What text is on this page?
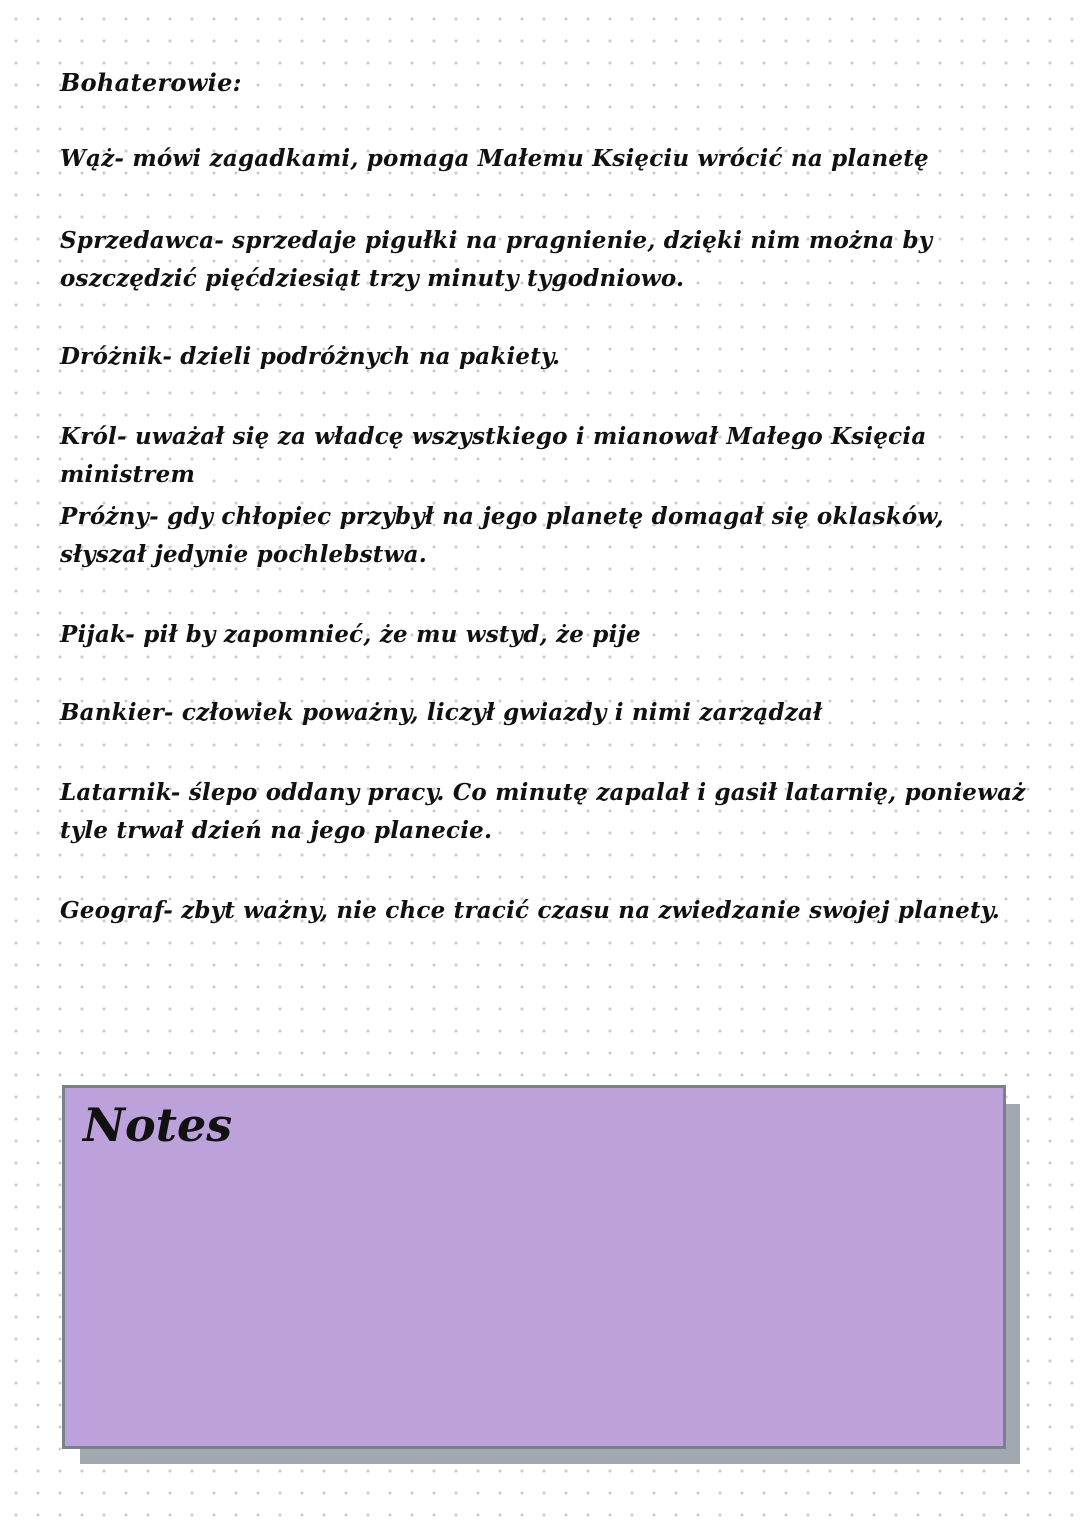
Bohaterowie:
Wąż- mówi zagadkami, pomaga Małemu Księciu wrócić na planetę
Sprzedawca- sprzedaje pigułki na pragnienie, dzięki nim można by oszczędzić pięćdziesiąt trzy minuty tygodniowo.
Dróżnik- dzieli podróżnych na pakiety.
Król- uważał się za władcę wszystkiego i mianował Małego Księcia ministrem
Próżny- gdy chłopiec przybył na jego planetę domagał się oklasków, słyszał jedynie pochlebstwa.
Pijak- pił by zapomnieć, że mu wstyd, że pije
Bankier- człowiek poważny, liczył gwiazdy i nimi zarządzał
Latarnik- ślepo oddany pracy. Co minutę zapalał i gasił latarnię, ponieważ tyle trwał dzień na jego planecie.
Geograf- zbyt ważny, nie chce tracić czasu na zwiedzanie swojej planety.
Notes
